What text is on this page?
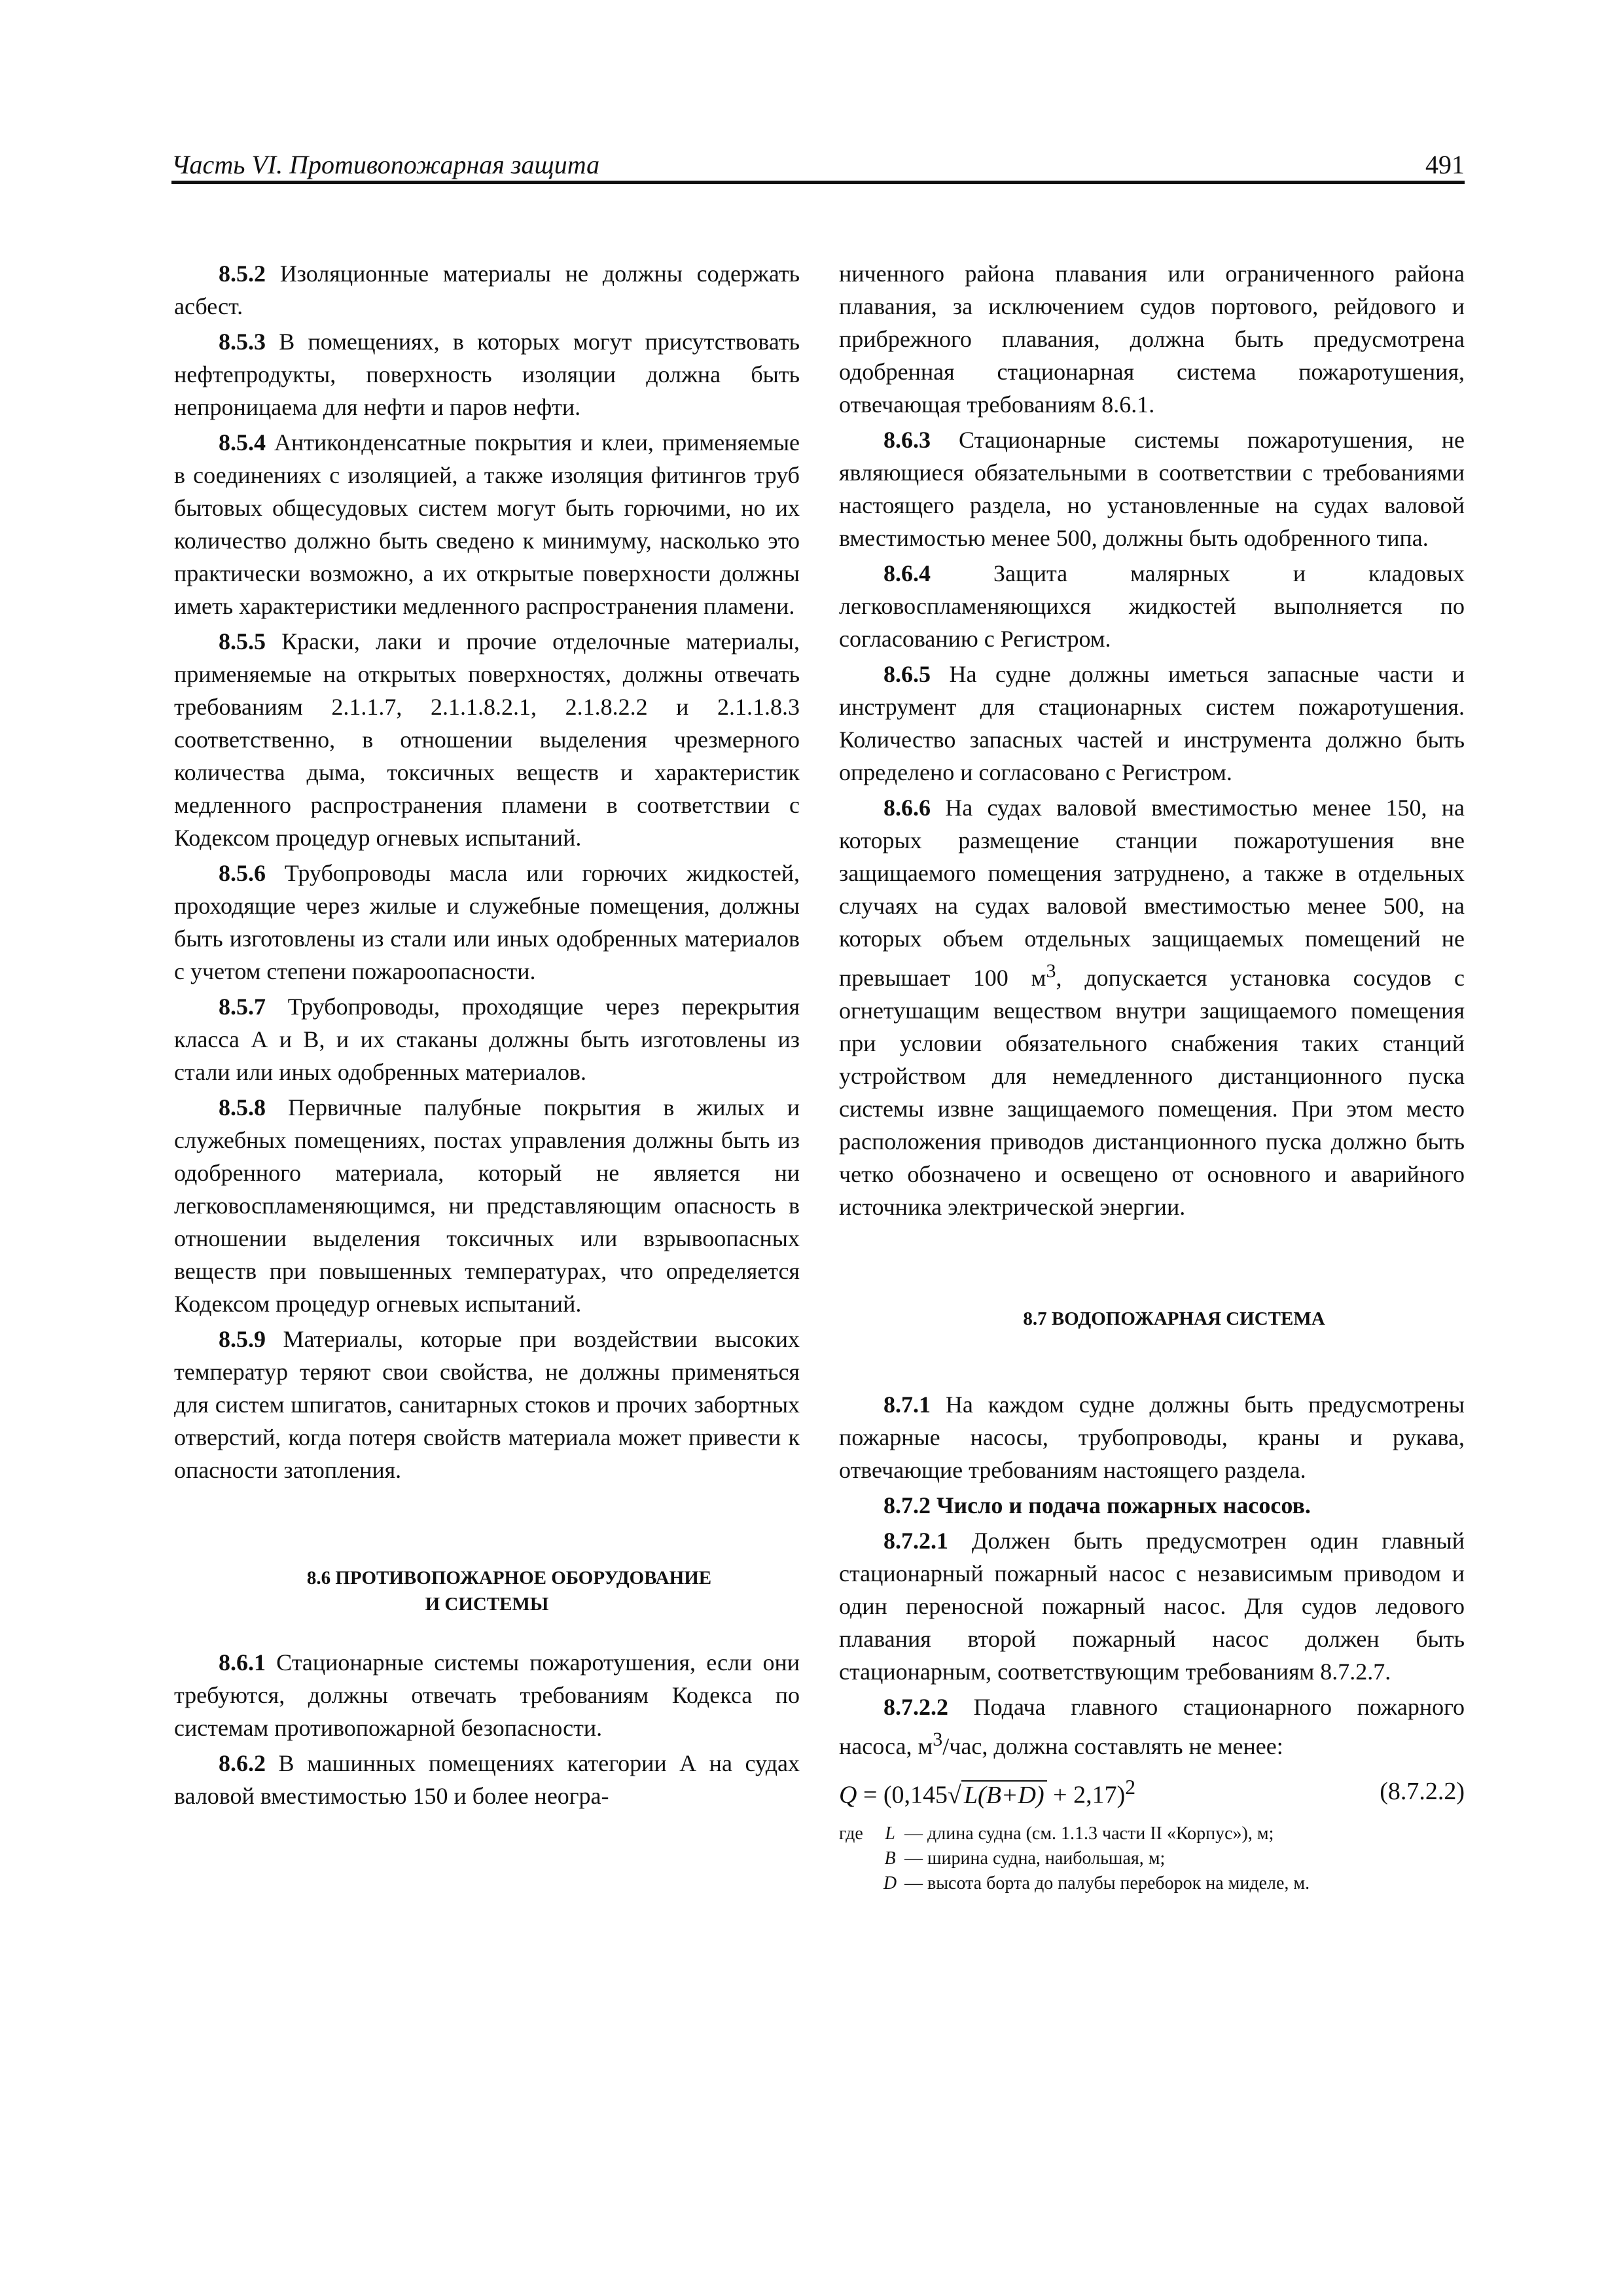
Часть VI. Противопожарная защита	491

8.5.2 Изоляционные материалы не должны содержать асбест.

8.5.3 В помещениях, в которых могут присутствовать нефтепродукты, поверхность изоляции должна быть непроницаема для нефти и паров нефти.

8.5.4 Антиконденсатные покрытия и клеи, применяемые в соединениях с изоляцией, а также изоляция фитингов труб бытовых общесудовых систем могут быть горючими, но их количество должно быть сведено к минимуму, насколько это практически возможно, а их открытые поверхности должны иметь характеристики медленного распространения пламени.

8.5.5 Краски, лаки и прочие отделочные материалы, применяемые на открытых поверхностях, должны отвечать требованиям 2.1.1.7, 2.1.1.8.2.1, 2.1.8.2.2 и 2.1.1.8.3 соответственно, в отношении выделения чрезмерного количества дыма, токсичных веществ и характеристик медленного распространения пламени в соответствии с Кодексом процедур огневых испытаний.

8.5.6 Трубопроводы масла или горючих жидкостей, проходящие через жилые и служебные помещения, должны быть изготовлены из стали или иных одобренных материалов с учетом степени пожароопасности.

8.5.7 Трубопроводы, проходящие через перекрытия класса А и В, и их стаканы должны быть изготовлены из стали или иных одобренных материалов.

8.5.8 Первичные палубные покрытия в жилых и служебных помещениях, постах управления должны быть из одобренного материала, который не является ни легковоспламеняющимся, ни представляющим опасность в отношении выделения токсичных или взрывоопасных веществ при повышенных температурах, что определяется Кодексом процедур огневых испытаний.

8.5.9 Материалы, которые при воздействии высоких температур теряют свои свойства, не должны применяться для систем шпигатов, санитарных стоков и прочих забортных отверстий, когда потеря свойств материала может привести к опасности затопления.

8.6 ПРОТИВОПОЖАРНОЕ ОБОРУДОВАНИЕ
И СИСТЕМЫ

8.6.1 Стационарные системы пожаротушения, если они требуются, должны отвечать требованиям Кодекса по системам противопожарной безопасности.

8.6.2 В машинных помещениях категории А на судах валовой вместимостью 150 и более неогра-

ниченного района плавания или ограниченного района плавания, за исключением судов портового, рейдового и прибрежного плавания, должна быть предусмотрена одобренная стационарная система пожаротушения, отвечающая требованиям 8.6.1.

8.6.3 Стационарные системы пожаротушения, не являющиеся обязательными в соответствии с требованиями настоящего раздела, но установленные на судах валовой вместимостью менее 500, должны быть одобренного типа.

8.6.4 Защита малярных и кладовых легковоспламеняющихся жидкостей выполняется по согласованию с Регистром.

8.6.5 На судне должны иметься запасные части и инструмент для стационарных систем пожаротушения. Количество запасных частей и инструмента должно быть определено и согласовано с Регистром.

8.6.6 На судах валовой вместимостью менее 150, на которых размещение станции пожаротушения вне защищаемого помещения затруднено, а также в отдельных случаях на судах валовой вместимостью менее 500, на которых объем отдельных защищаемых помещений не превышает 100 $м^3$, допускается установка сосудов с огнетушащим веществом внутри защищаемого помещения при условии обязательного снабжения таких станций устройством для немедленного дистанционного пуска системы извне защищаемого помещения. При этом место расположения приводов дистанционного пуска должно быть четко обозначено и освещено от основного и аварийного источника электрической энергии.

8.7 ВОДОПОЖАРНАЯ СИСТЕМА

8.7.1 На каждом судне должны быть предусмотрены пожарные насосы, трубопроводы, краны и рукава, отвечающие требованиям настоящего раздела.

8.7.2 Число и подача пожарных насосов.

8.7.2.1 Должен быть предусмотрен один главный стационарный пожарный насос с независимым приводом и один переносной пожарный насос. Для судов ледового плавания второй пожарный насос должен быть стационарным, соответствующим требованиям 8.7.2.7.

8.7.2.2 Подача главного стационарного пожарного насоса, $м^3$/час, должна составлять не менее:

Q = (0,145√ L(B+D) + 2,17)$^2$	(8.7.2.2)
где	L — длина судна (см. 1.1.3 части II «Корпус»), м;
B — ширина судна, наибольшая, м;
D — высота борта до палубы переборок на миделе, м.
